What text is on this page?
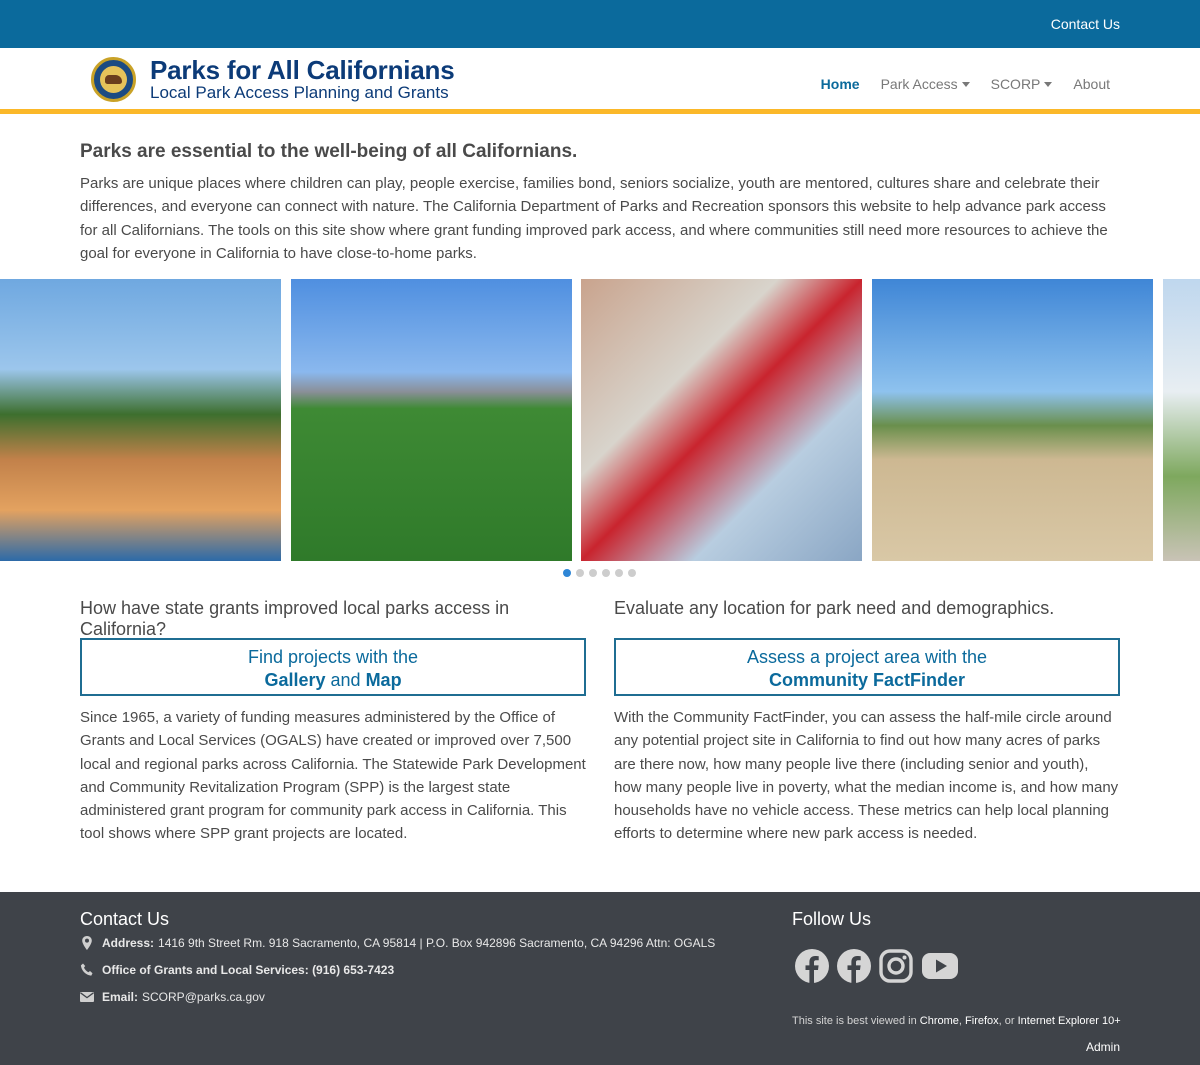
Contact Us
Parks for All Californians
Local Park Access Planning and Grants	Home Park Access	SCORP	About
Parks are essential to the well-being of all Californians.
Parks are unique places where children can play, people exercise, families bond, seniors socialize, youth are mentored, cultures share and celebrate their differences, and everyone can connect with nature. The California Department of Parks and Recreation sponsors this website to help advance park access for all Californians. The tools on this site show where grant funding improved park access, and where communities still need more resources to achieve the goal for everyone in California to have close-to-home parks.
How have state grants improved local parks access in California?
Find projects with the
Gallery and Map

Since 1965, a variety of funding measures administered by the Office of Grants and Local Services (OGALS) have created or improved over 7,500 local and regional parks across California. The Statewide Park Development and Community Revitalization Program (SPP) is the largest state administered grant program for community park access in California. This tool shows where SPP grant projects are located.

Evaluate any location for park need and demographics.
Assess a project area with the
Community FactFinder

With the Community FactFinder, you can assess the half-mile circle around any potential project site in California to find out how many acres of parks are there now, how many people live there (including senior and youth), how many people live in poverty, what the median income is, and how many households have no vehicle access. These metrics can help local planning efforts to determine where new park access is needed.

Contact Us
Address: 1416 9th Street Rm. 918 Sacramento, CA 95814 | P.O. Box 942896 Sacramento, CA 94296 Attn: OGALS
Office of Grants and Local Services: (916) 653-7423
Email: SCORP@parks.ca.gov
Follow Us
This site is best viewed in Chrome, Firefox, or Internet Explorer 10+
Admin
